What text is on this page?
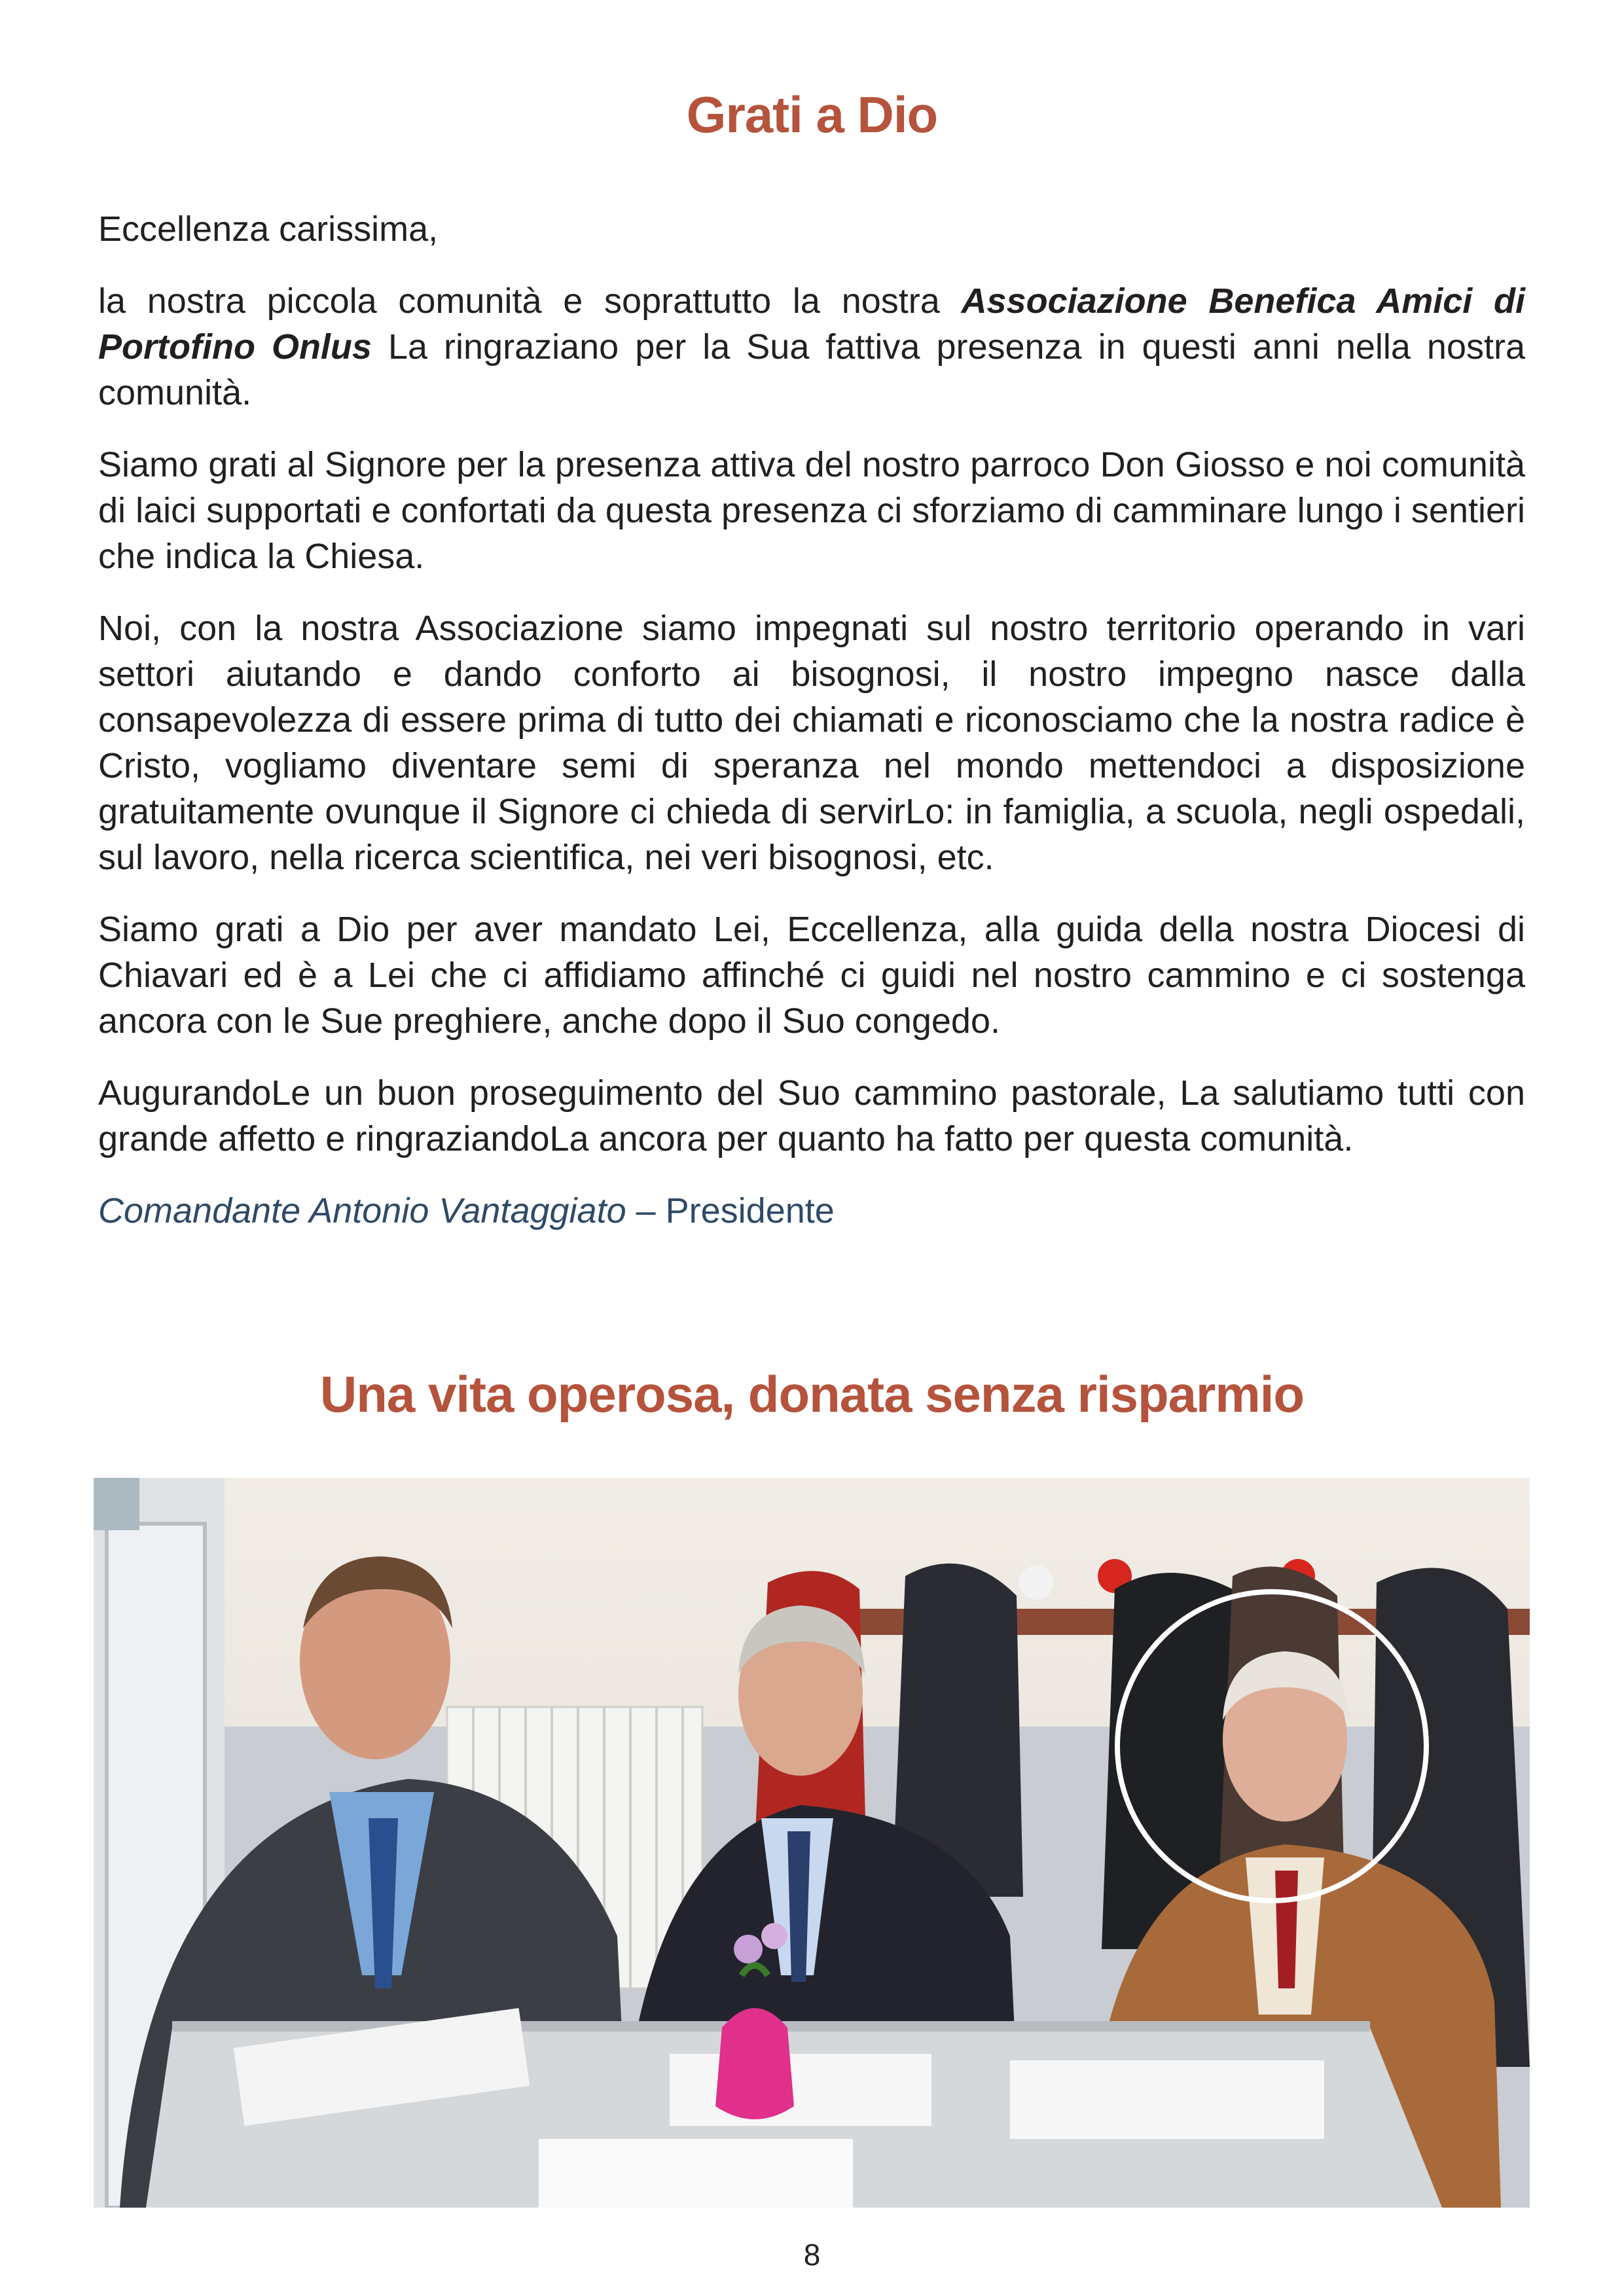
Grati a Dio

Eccellenza carissima,

la nostra piccola comunità e soprattutto la nostra Associazione Benefica Amici di Portofino Onlus La ringraziano per la Sua fattiva presenza in questi anni nella nostra comunità.

Siamo grati al Signore per la presenza attiva del nostro parroco Don Giosso e noi comunità di laici supportati e confortati da questa presenza ci sforziamo di camminare lungo i sentieri che indica la Chiesa.

Noi, con la nostra Associazione siamo impegnati sul nostro territorio operando in vari settori aiutando e dando conforto ai bisognosi, il nostro impegno nasce dalla consapevolezza di essere prima di tutto dei chiamati e riconosciamo che la nostra radice è Cristo, vogliamo diventare semi di speranza nel mondo mettendoci a disposizione gratuitamente ovunque il Signore ci chieda di servirLo: in famiglia, a scuola, negli ospedali, sul lavoro, nella ricerca scientifica, nei veri bisognosi, etc.

Siamo grati a Dio per aver mandato Lei, Eccellenza, alla guida della nostra Diocesi di Chiavari ed è a Lei che ci affidiamo affinché ci guidi nel nostro cammino e ci sostenga ancora con le Sue preghiere, anche dopo il Suo congedo.

AugurandoLe un buon proseguimento del Suo cammino pastorale, La salutiamo tutti con grande affetto e ringraziandoLa ancora per quanto ha fatto per questa comunità.

Comandante Antonio Vantaggiato – Presidente

Una vita operosa, donata senza risparmio
8
